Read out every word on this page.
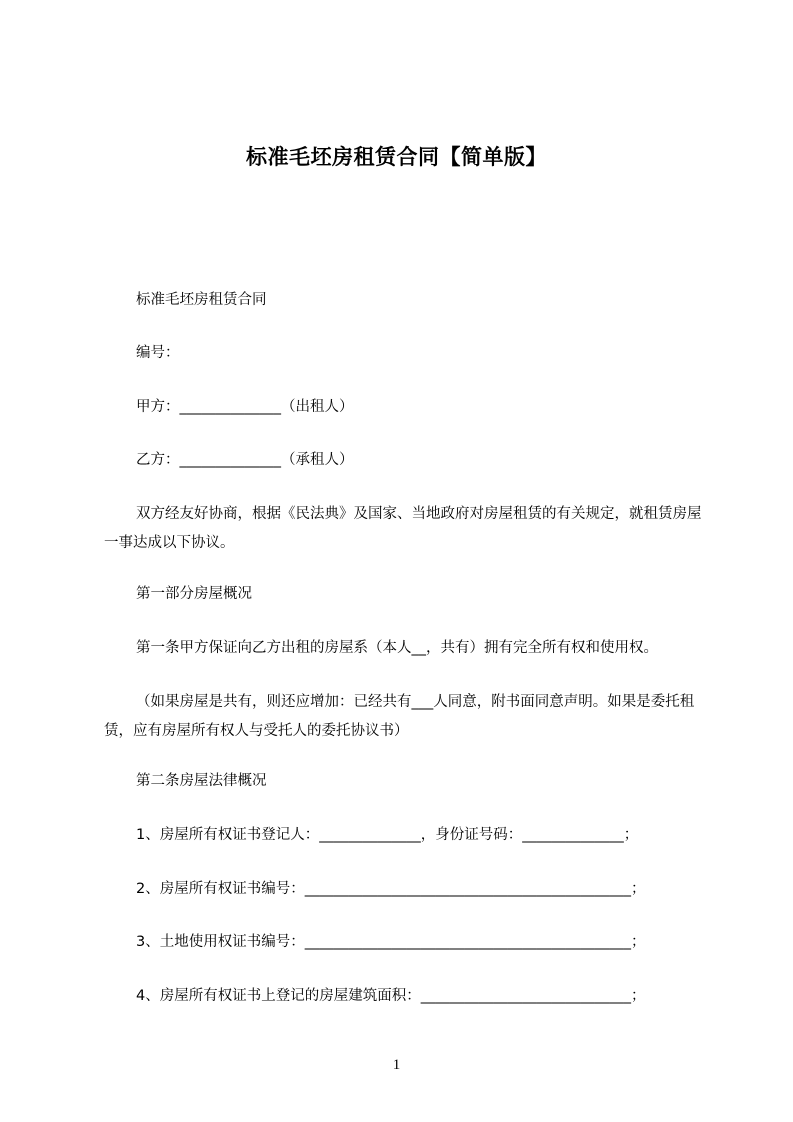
标准毛坯房租赁合同【简单版】
标准毛坯房租赁合同
编号：
甲方：______________（出租人）
乙方：______________（承租人）
双方经友好协商，根据《民法典》及国家、当地政府对房屋租赁的有关规定，就租赁房屋一事达成以下协议。
第一部分房屋概况
第一条甲方保证向乙方出租的房屋系（本人__，共有）拥有完全所有权和使用权。
（如果房屋是共有，则还应增加：已经共有___人同意，附书面同意声明。如果是委托租赁，应有房屋所有权人与受托人的委托协议书）
第二条房屋法律概况
1、房屋所有权证书登记人：______________，身份证号码：______________；
2、房屋所有权证书编号：_____________________________________________；
3、土地使用权证书编号：_____________________________________________；
4、房屋所有权证书上登记的房屋建筑面积：_____________________________；
1
